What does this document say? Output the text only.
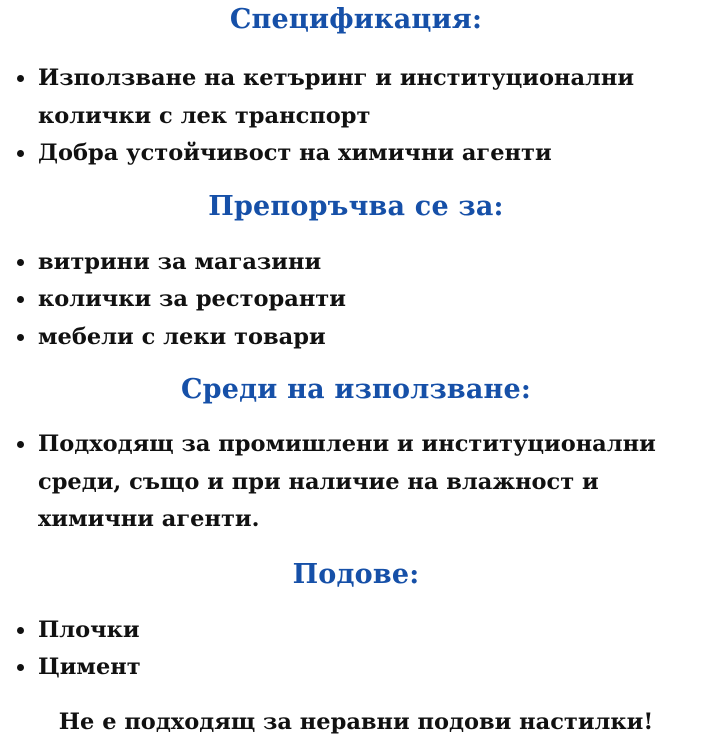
Спецификация:
Използване на кетъринг и институционални колички с лек транспорт
Добра устойчивост на химични агенти
Препоръчва се за:
витрини за магазини
колички за ресторанти
мебели с леки товари
Среди на използване:
Подходящ за промишлени и институционални среди, също и при наличие на влажност и химични агенти.
Подове:
Плочки
Цимент

Не е подходящ за неравни подови настилки!
